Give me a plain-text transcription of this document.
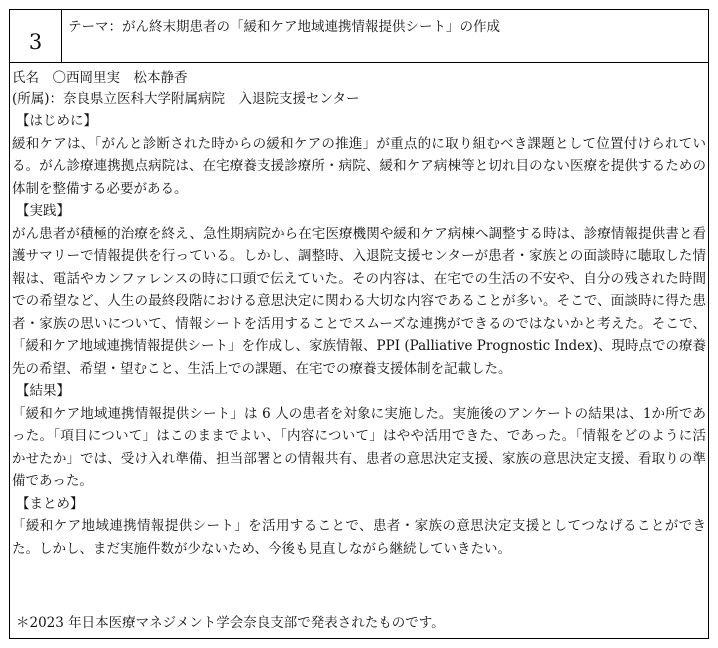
3
テーマ：がん終末期患者の「緩和ケア地域連携情報提供シート」の作成
氏名　〇西岡里実　松本静香
(所属)：奈良県立医科大学附属病院　入退院支援センター
【はじめに】

緩和ケアは、「がんと診断された時からの緩和ケアの推進」が重点的に取り組むべき課題として位置付けられている。がん診療連携拠点病院は、在宅療養支援診療所・病院、緩和ケア病棟等と切れ目のない医療を提供するための体制を整備する必要がある。

【実践】

がん患者が積極的治療を終え、急性期病院から在宅医療機関や緩和ケア病棟へ調整する時は、診療情報提供書と看護サマリーで情報提供を行っている。しかし、調整時、入退院支援センターが患者・家族との面談時に聴取した情報は、電話やカンファレンスの時に口頭で伝えていた。その内容は、在宅での生活の不安や、自分の残された時間での希望など、人生の最終段階における意思決定に関わる大切な内容であることが多い。そこで、面談時に得た患者・家族の思いについて、情報シートを活用することでスムーズな連携ができるのではないかと考えた。そこで、「緩和ケア地域連携情報提供シート」を作成し、家族情報、PPI (Palliative Prognostic Index)、現時点での療養先の希望、希望・望むこと、生活上での課題、在宅での療養支援体制を記載した。

【結果】

「緩和ケア地域連携情報提供シート」は 6 人の患者を対象に実施した。実施後のアンケートの結果は、1か所であった。「項目について」はこのままでよい、「内容について」はやや活用できた、であった。「情報をどのように活かせたか」では、受け入れ準備、担当部署との情報共有、患者の意思決定支援、家族の意思決定支援、看取りの準備であった。

【まとめ】

「緩和ケア地域連携情報提供シート」を活用することで、患者・家族の意思決定支援としてつなげることができた。しかし、まだ実施件数が少ないため、今後も見直しながら継続していきたい。

＊2023 年日本医療マネジメント学会奈良支部で発表されたものです。
